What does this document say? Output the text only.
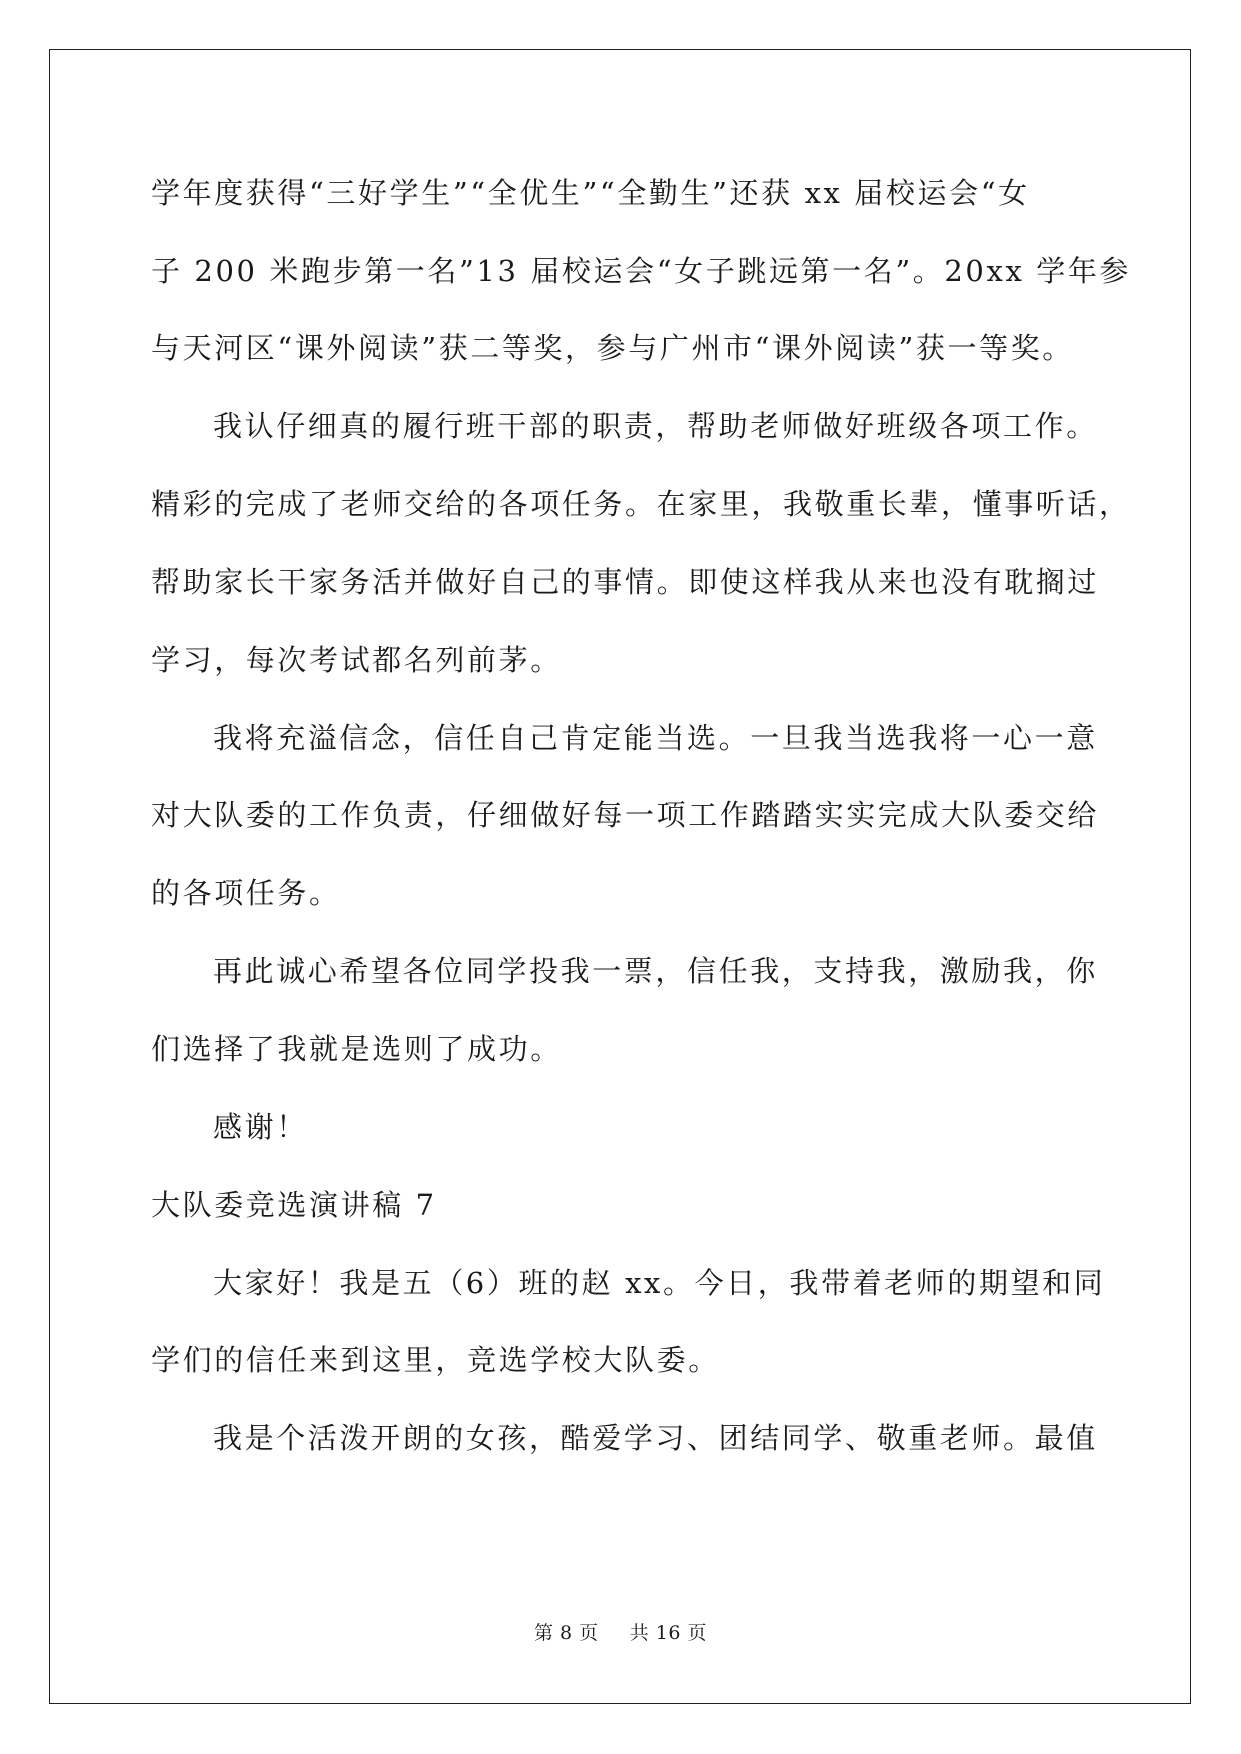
学年度获得“三好学生”“全优生”“全勤生”还获 xx 届校运会“女
子 200 米跑步第一名”13 届校运会“女子跳远第一名”。20xx 学年参
与天河区“课外阅读”获二等奖，参与广州市“课外阅读”获一等奖。
我认仔细真的履行班干部的职责，帮助老师做好班级各项工作。
精彩的完成了老师交给的各项任务。在家里，我敬重长辈，懂事听话，
帮助家长干家务活并做好自己的事情。即使这样我从来也没有耽搁过
学习，每次考试都名列前茅。
我将充溢信念，信任自己肯定能当选。一旦我当选我将一心一意
对大队委的工作负责，仔细做好每一项工作踏踏实实完成大队委交给
的各项任务。
再此诚心希望各位同学投我一票，信任我，支持我，激励我，你
们选择了我就是选则了成功。
感谢！
大队委竞选演讲稿 7
大家好！我是五（6）班的赵 xx。今日，我带着老师的期望和同
学们的信任来到这里，竞选学校大队委。
我是个活泼开朗的女孩，酷爱学习、团结同学、敬重老师。最值
第 8 页 共 16 页
